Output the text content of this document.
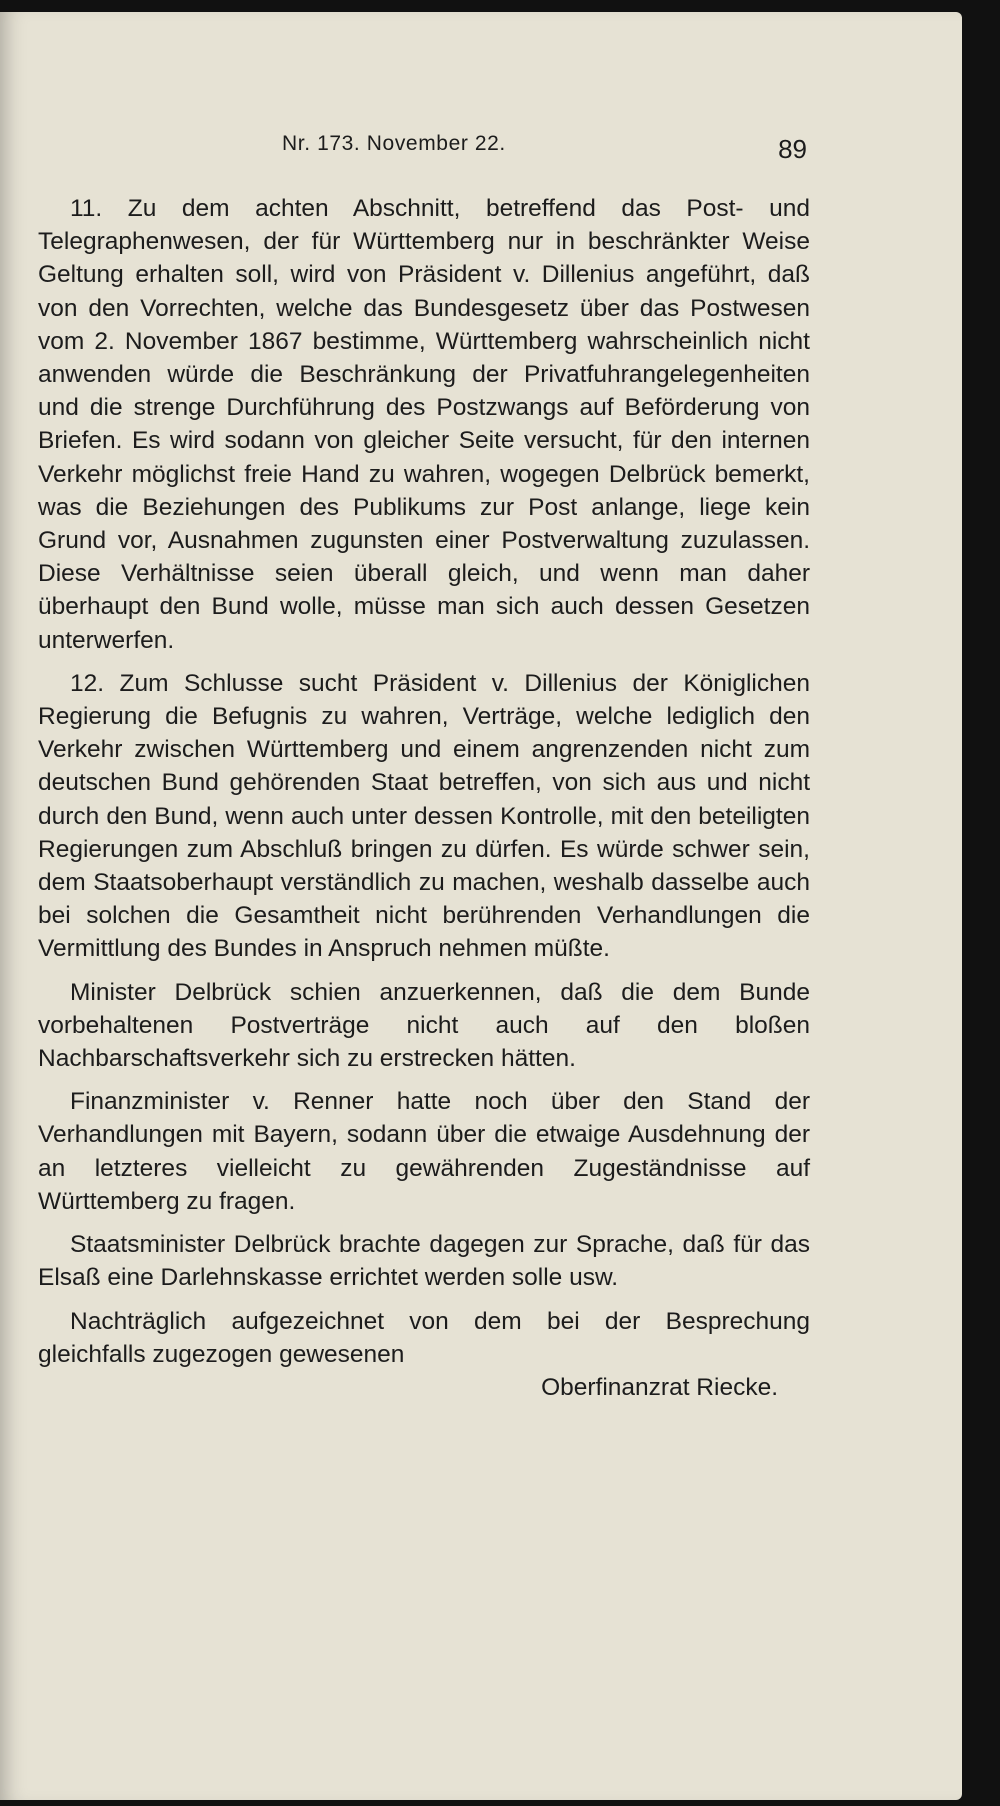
Nr. 173. November 22.	89

11. Zu dem achten Abschnitt, betreffend das Post- und Telegraphenwesen, der für Württemberg nur in beschränkter Weise Geltung erhalten soll, wird von Präsident v. Dillenius angeführt, daß von den Vorrechten, welche das Bundesgesetz über das Postwesen vom 2. November 1867 bestimme, Württemberg wahrscheinlich nicht anwenden würde die Beschränkung der Privatfuhrangelegenheiten und die strenge Durchführung des Postzwangs auf Beförderung von Briefen. Es wird sodann von gleicher Seite versucht, für den internen Verkehr möglichst freie Hand zu wahren, wogegen Delbrück bemerkt, was die Beziehungen des Publikums zur Post anlange, liege kein Grund vor, Ausnahmen zugunsten einer Postverwaltung zuzulassen. Diese Verhältnisse seien überall gleich, und wenn man daher überhaupt den Bund wolle, müsse man sich auch dessen Gesetzen unterwerfen.

12. Zum Schlusse sucht Präsident v. Dillenius der Königlichen Regierung die Befugnis zu wahren, Verträge, welche lediglich den Verkehr zwischen Württemberg und einem angrenzenden nicht zum deutschen Bund gehörenden Staat betreffen, von sich aus und nicht durch den Bund, wenn auch unter dessen Kontrolle, mit den beteiligten Regierungen zum Abschluß bringen zu dürfen. Es würde schwer sein, dem Staatsoberhaupt verständlich zu machen, weshalb dasselbe auch bei solchen die Gesamtheit nicht berührenden Verhandlungen die Vermittlung des Bundes in Anspruch nehmen müßte.

Minister Delbrück schien anzuerkennen, daß die dem Bunde vorbehaltenen Postverträge nicht auch auf den bloßen Nachbarschaftsverkehr sich zu erstrecken hätten.

Finanzminister v. Renner hatte noch über den Stand der Verhandlungen mit Bayern, sodann über die etwaige Ausdehnung der an letzteres vielleicht zu gewährenden Zugeständnisse auf Württemberg zu fragen.

Staatsminister Delbrück brachte dagegen zur Sprache, daß für das Elsaß eine Darlehnskasse errichtet werden solle usw.

Nachträglich aufgezeichnet von dem bei der Besprechung gleichfalls zugezogen gewesenen

Oberfinanzrat Riecke.
